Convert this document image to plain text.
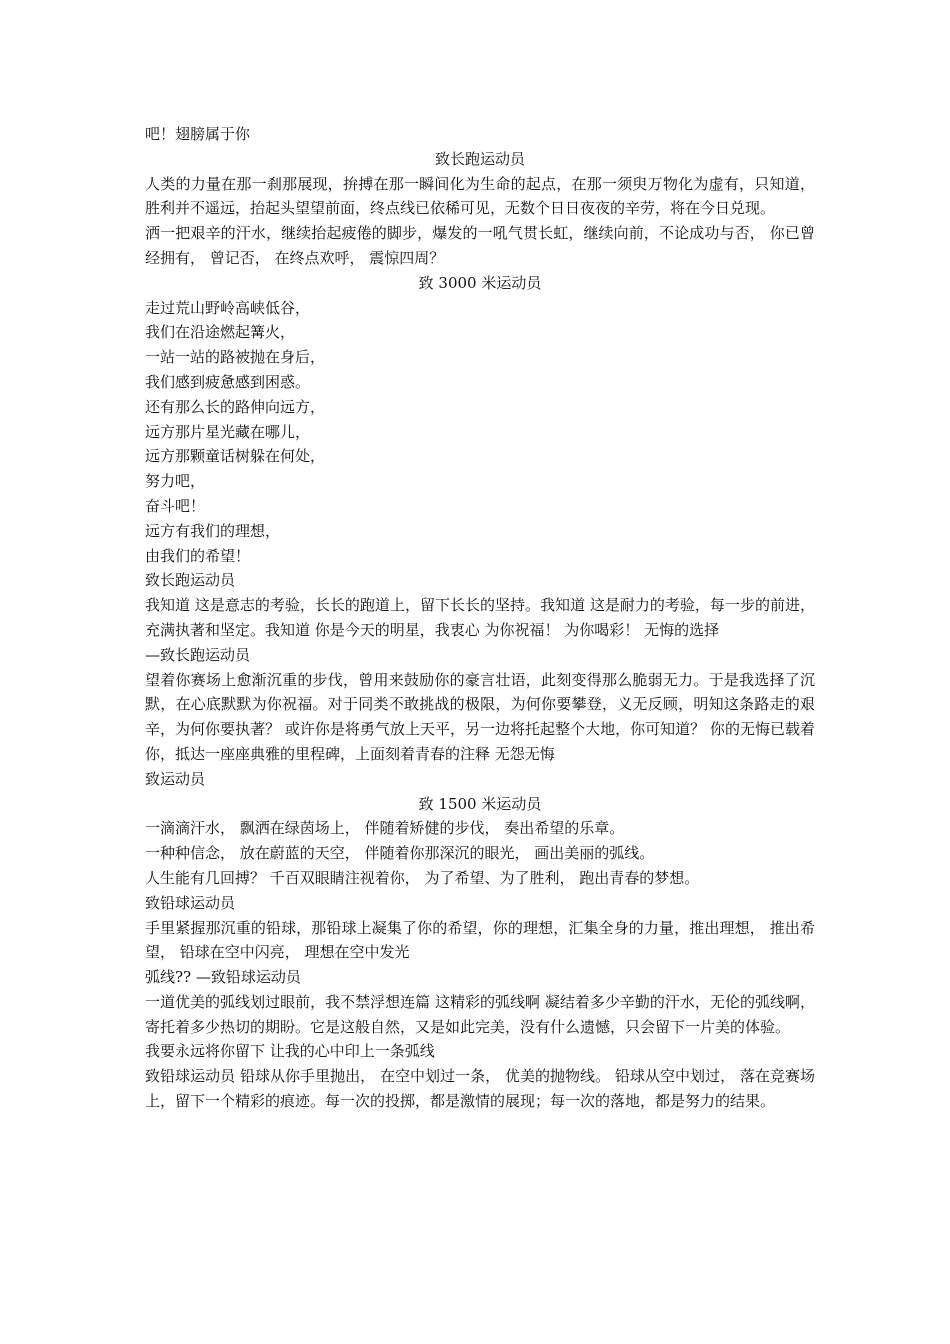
吧！翅膀属于你

致长跑运动员

人类的力量在那一刹那展现，拚搏在那一瞬间化为生命的起点，在那一须臾万物化为虚有，只知道，胜利并不遥远，抬起头望望前面，终点线已依稀可见，无数个日日夜夜的辛劳，将在今日兑现。

洒一把艰辛的汗水，继续抬起疲倦的脚步，爆发的一吼气贯长虹，继续向前，不论成功与否， 你已曾经拥有， 曾记否， 在终点欢呼， 震惊四周？

致 3000 米运动员

走过荒山野岭高峡低谷，

我们在沿途燃起篝火，

一站一站的路被抛在身后，

我们感到疲惫感到困惑。

还有那么长的路伸向远方，

远方那片星光藏在哪儿，

远方那颗童话树躲在何处，

努力吧，

奋斗吧！

远方有我们的理想，

由我们的希望！

致长跑运动员

我知道 这是意志的考验，长长的跑道上，留下长长的坚持。我知道 这是耐力的考验，每一步的前进，充满执著和坚定。我知道 你是今天的明星，我衷心 为你祝福！ 为你喝彩！ 无悔的选择

—致长跑运动员

望着你赛场上愈渐沉重的步伐，曾用来鼓励你的豪言壮语，此刻变得那么脆弱无力。于是我选择了沉默，在心底默默为你祝福。对于同类不敢挑战的极限，为何你要攀登，义无反顾，明知这条路走的艰辛，为何你要执著？ 或许你是将勇气放上天平，另一边将托起整个大地，你可知道？ 你的无悔已载着你，抵达一座座典雅的里程碑，上面刻着青春的注释 无怨无悔

致运动员

致 1500 米运动员

一滴滴汗水， 飘洒在绿茵场上， 伴随着矫健的步伐， 奏出希望的乐章。

一种种信念， 放在蔚蓝的天空， 伴随着你那深沉的眼光， 画出美丽的弧线。

人生能有几回搏？ 千百双眼睛注视着你， 为了希望、为了胜利， 跑出青春的梦想。

致铅球运动员

手里紧握那沉重的铅球，那铅球上凝集了你的希望，你的理想，汇集全身的力量，推出理想， 推出希望， 铅球在空中闪亮， 理想在空中发光

弧线?? —致铅球运动员

一道优美的弧线划过眼前，我不禁浮想连篇 这精彩的弧线啊 凝结着多少辛勤的汗水，无伦的弧线啊，寄托着多少热切的期盼。它是这般自然，又是如此完美，没有什么遗憾，只会留下一片美的体验。

我要永远将你留下 让我的心中印上一条弧线

致铅球运动员 铅球从你手里抛出， 在空中划过一条， 优美的抛物线。 铅球从空中划过， 落在竞赛场上，留下一个精彩的痕迹。每一次的投掷，都是激情的展现；每一次的落地，都是努力的结果。
